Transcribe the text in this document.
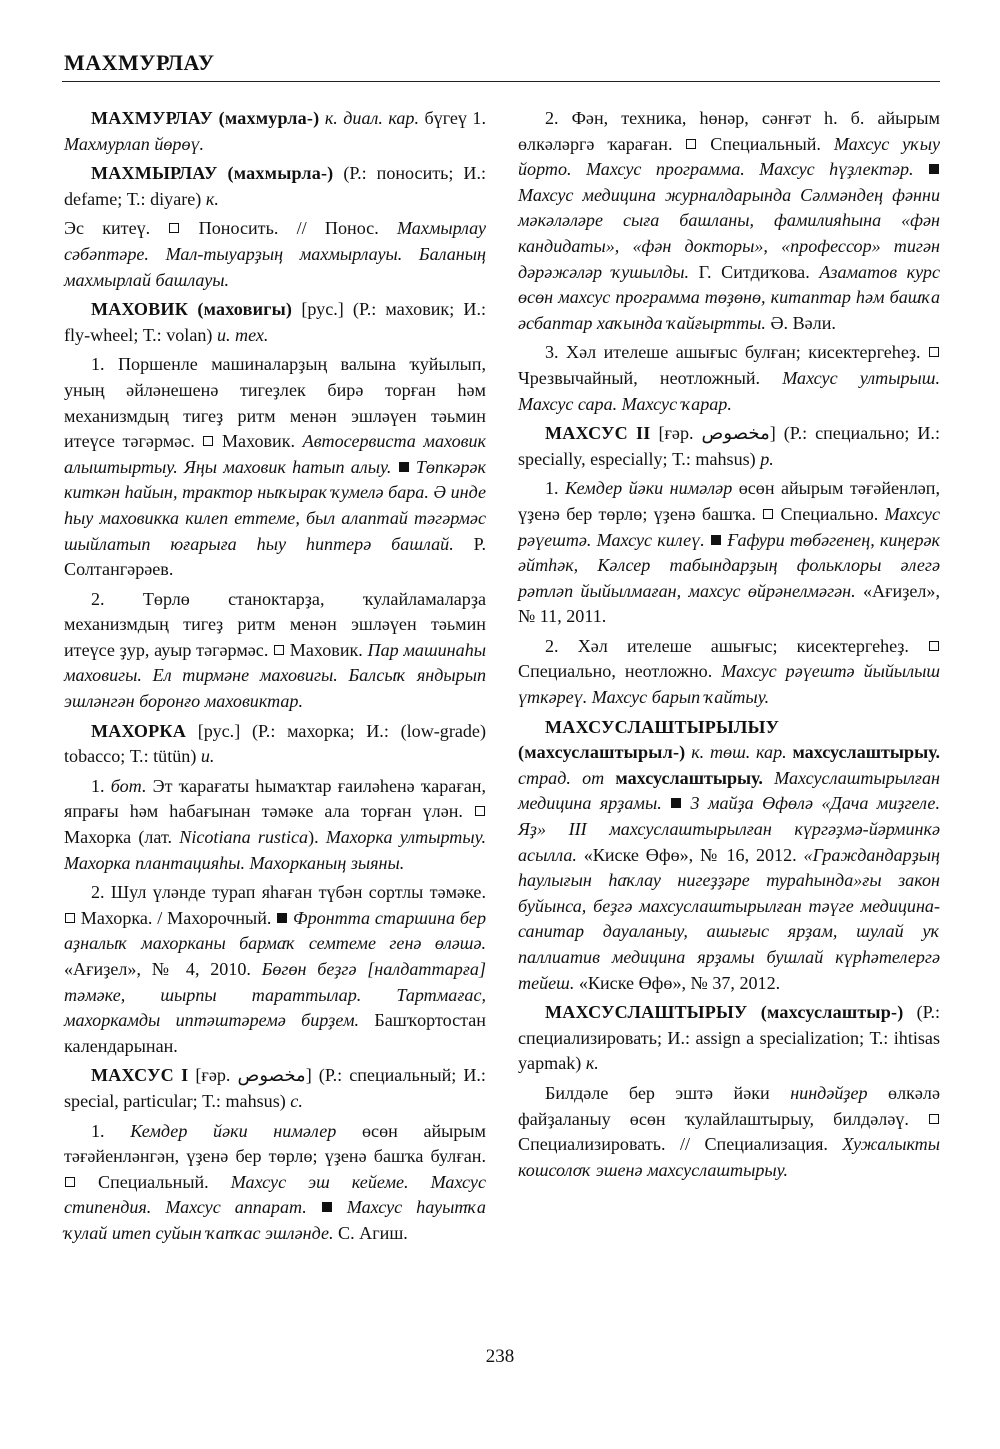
МАХМУРЛАУ

МАХМУРЛАУ (махмурла-) к. диал. кар. бүгеү 1. Махмурлап йөрөү.

МАХМЫРЛАУ (махмырла-) (Р.: поносить; И.: defame; Т.: diyare) к.

Эс китеү.  Поносить. // Понос. Махмырлау сәбәптәре. Мал-тыуарҙың махмырлауы. Баланың махмырлай башлауы.

МАХОВИК (маховигы) [рус.] (Р.: маховик; И.: fly-wheel; Т.: volan) и. тех.

1. Поршенле машиналарҙың валына ҡуйылып, уның әйләнешенә тигеҙлек бирә торған һәм механизмдың тигеҙ ритм менән эшләүен тәьмин итеүсе тәгәрмәс.  Маховик. Автосервиста маховик алыштыртыу. Яңы маховик һатып алыу.  Төпкәрәк киткән һайын, трактор ныҡырак ҡумелә бара. Ә инде һыу маховикка килеп еттеме, был алаптай тәгәрмәс шыйлатып юғарыға һыу һиптерә башлай. Р. Солтангәрәев.

2. Төрлө станоктарҙа, ҡулайламаларҙа механизмдың тигеҙ ритм менән эшләүен тәьмин итеүсе ҙур, ауыр тәгәрмәс.  Маховик. Пар машинаһы маховигы. Ел тирмәне маховигы. Балсыҡ яндырып эшләнгән боронғо маховиктар.

МАХОРКА [рус.] (Р.: махорка; И.: (low-grade) tobacco; Т.: tütün) и.

1. бот. Эт ҡарағаты һымаҡтар ғаиләһенә ҡараған, япрағы һәм һабағынан тәмәке ала торған үлән.  Махорка (лат. Nicotiana rustica). Махорка ултыртыу. Махорка плантацияһы. Махорканың зыяны.

2. Шул үләнде турап яһаған түбән сортлы тәмәке.  Махорка. / Махорочный.  Фронтта старшина бер аҙналыҡ махорканы бармаҡ семтеме генә өләшә. «Ағиҙел», № 4, 2010. Бөгөн беҙгә [налдаттарға] тәмәке, шырпы тараттылар. Тартмағас, махоркамды иптәштәремә бирҙем. Башҡортостан календарынан.

МАХСУС I [ғәр. مخصوص] (Р.: специальный; И.: special, particular; Т.: mahsus) с.

1. Кемдер йәки нимәлер өсөн айырым тәғәйенләнгән, үҙенә бер төрлө; үҙенә башҡа булған.  Специальный. Махсус эш кейеме. Махсус стипендия. Махсус аппарат.  Махсус һауытҡа ҡулай итеп суйын ҡапҡас эшләнде. С. Агиш.

2. Фән, техника, һөнәр, сәнғәт һ. б. айырым өлкәләргә ҡараған.  Специальный. Махсус уҡыу йорто. Махсус программа. Махсус һүҙлектәр.  Махсус медицина журналдарында Сәлмәндең фәнни мәкәләләре сыға башланы, фамилияһына «фән кандидаты», «фән докторы», «профессор» тигән дәрәжәләр ҡушылды. Г. Ситдиҡова. Азаматов курс өсөн махсус программа төҙөнө, китаптар һәм башҡа әсбаптар хаҡында ҡайғыртты. Ә. Вәли.

3. Хәл ителеше ашығыс булған; кисектергеһеҙ.  Чрезвычайный, неотложный. Махсус ултырыш. Махсус сара. Махсус ҡарар.

МАХСУС II [ғәр. مخصوص] (Р.: специально; И.: specially, especially; Т.: mahsus) р.

1. Кемдер йәки нимәләр өсөн айырым тәғәйенләп, үҙенә бер төрлө; үҙенә башҡа.  Специально. Махсус рәүештә. Махсус килеү.  Ғафури төбәгенең, киңерәк әйтһәк, Кәлсер табындарҙың фольклоры әлегә рәтләп йыйылмаған, махсус өйрәнелмәгән. «Ағиҙел», № 11, 2011.

2. Хәл ителеше ашығыс; кисектергеһеҙ.  Специально, неотложно. Махсус рәүештә йыйылыш үткәреү. Махсус барып ҡайтыу.

МАХСУСЛАШТЫРЫЛЫУ (махсуслаштырыл-) к. төш. кар. махсуслаштырыу. страд. от махсуслаштырыу. Махсуслаштырылған медицина ярҙамы.  3 майҙа Өфөлә «Дача миҙгеле. Яҙ» III махсуслаштырылған күргәҙмә-йәрминкә асылла. «Киске Өфө», № 16, 2012. «Граждандарҙың һаулығын һаҡлау нигеҙҙәре тураһында»ғы закон буйынса, беҙгә махсуслаштырылған тәүге медицина-санитар дауаланыу, ашығыс ярҙам, шулай уҡ паллиатив медицина ярҙамы бушлай күрһәтелергә тейеш. «Киске Өфө», № 37, 2012.

МАХСУСЛАШТЫРЫУ (махсуслаштыр-) (Р.: специализировать; И.: assign a specialization; Т.: ihtisas yapmak) к.

Билдәле бер эштә йәки ниндәйҙер өлкәлә файҙаланыу өсөн ҡулайлаштырыу, билдәләү.  Специализировать. // Специализация. Хужалыкты кошсолоҡ эшенә махсуслаштырыу.

238
